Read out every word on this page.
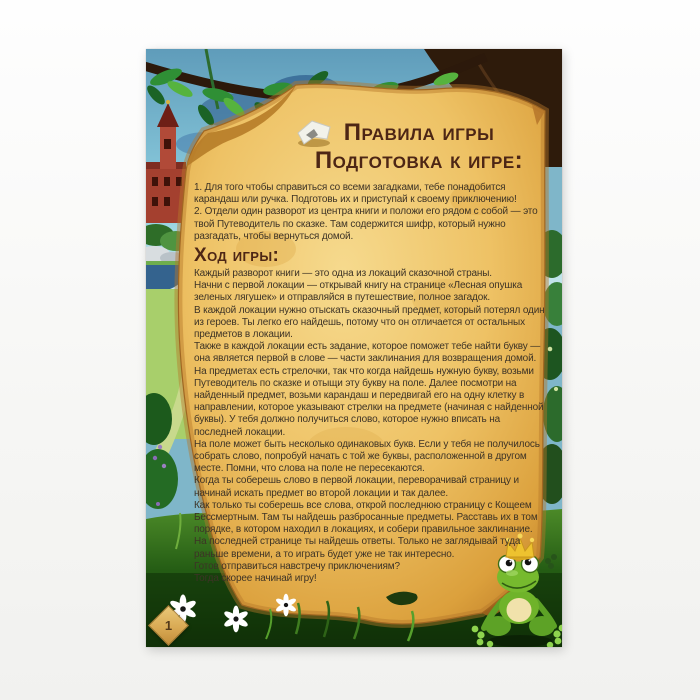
Правила игры
Подготовка к игре:

1. Для того чтобы справиться со всеми загадками, тебе понадобится карандаш или ручка. Подготовь их и приступай к своему приключению!

2. Отдели один разворот из центра книги и положи его рядом с собой — это твой Путеводитель по сказке. Там содержится шифр, который нужно разгадать, чтобы вернуться домой.

Ход игры:

Каждый разворот книги — это одна из локаций сказочной страны.

Начни с первой локации — открывай книгу на странице «Лесная опушка зеленых лягушек» и отправляйся в путешествие, полное загадок.

В каждой локации нужно отыскать сказочный предмет, который потерял один из героев. Ты легко его найдешь, потому что он отличается от остальных предметов в локации.

Также в каждой локации есть задание, которое поможет тебе найти букву — она является первой в слове — части заклинания для возвращения домой.

На предметах есть стрелочки, так что когда найдешь нужную букву, возьми Путеводитель по сказке и отыщи эту букву на поле. Далее посмотри на найденный предмет, возьми карандаш и передвигай его на одну клетку в направлении, которое указывают стрелки на предмете (начиная с найденной буквы). У тебя должно получиться слово, которое нужно вписать на последней локации.

На поле может быть несколько одинаковых букв. Если у тебя не получилось собрать слово, попробуй начать с той же буквы, расположенной в другом месте. Помни, что слова на поле не пересекаются.

Когда ты соберешь слово в первой локации, переворачивай страницу и начинай искать предмет во второй локации и так далее.

Как только ты соберешь все слова, открой последнюю страницу с Кощеем Бессмертным. Там ты найдешь разбросанные предметы. Расставь их в том порядке, в котором находил в локациях, и собери правильное заклинание.

На последней странице ты найдешь ответы. Только не заглядывай туда раньше времени, а то играть будет уже не так интересно.

Готов отправиться навстречу приключениям?

Тогда скорее начинай игру!

1
